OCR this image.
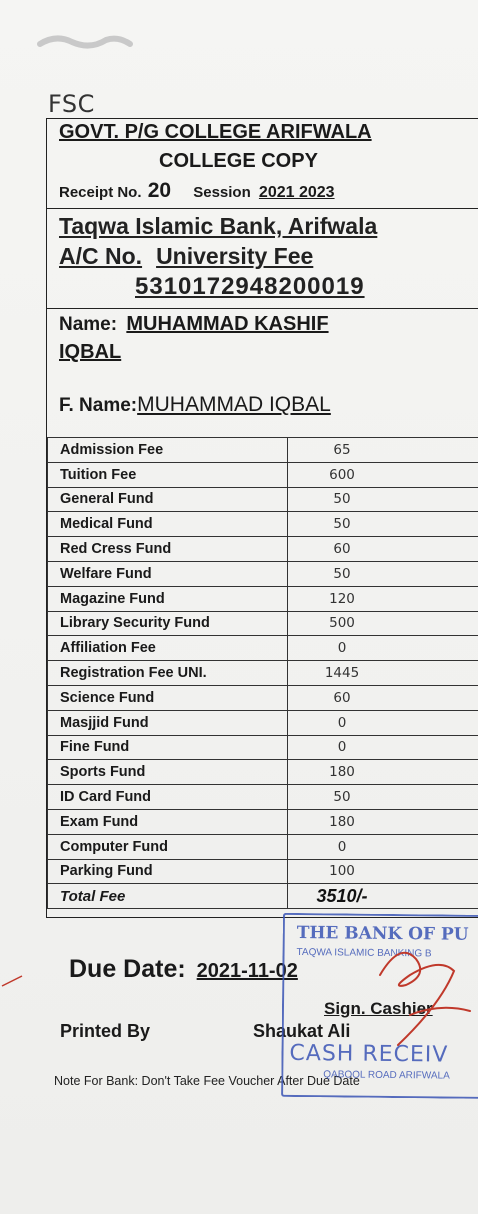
FSC
GOVT. P/G COLLEGE ARIFWALA
COLLEGE COPY
Receipt No. 20 Session 2021 2023
Taqwa Islamic Bank, Arifwala
A/C No. University Fee
5310172948200019
Name: MUHAMMAD KASHIF
IQBAL
F. Name:MUHAMMAD IQBAL
Admission Fee	65
Tuition Fee	600
General Fund	50
Medical Fund	50
Red Cress Fund	60
Welfare Fund	50
Magazine Fund	120
Library Security Fund	500
Affiliation Fee	0
Registration Fee UNI.	1445
Science Fund	60
Masjjid Fund	0
Fine Fund	0
Sports Fund	180
ID Card Fund	50
Exam Fund	180
Computer Fund	0
Parking Fund	100
Total Fee	3510/-
Due Date: 2021-11-02
Sign. Cashier
Printed By	Shaukat Ali
Note For Bank: Don't Take Fee Voucher After Due Date
THE BANK OF PU
TAQWA ISLAMIC BANKING B
CASH RECEIV
QABOOL ROAD ARIFWALA
